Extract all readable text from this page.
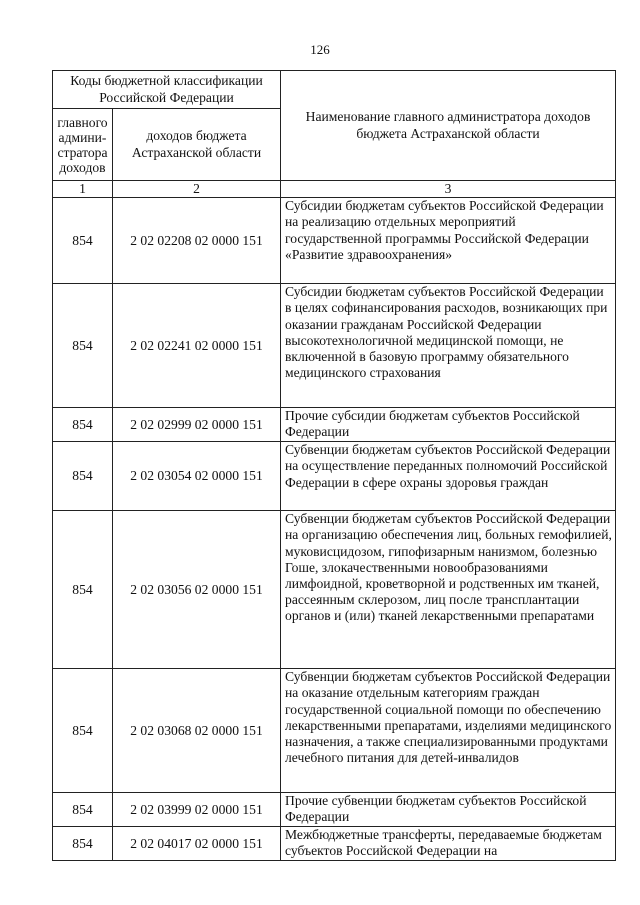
126
Коды бюджетной классификации Российской Федерации		Наименование главного администратора доходов бюджета Астраханской области
главного админи-стратора доходов	доходов бюджета Астраханской области	
1	2	3
854	2 02 02208 02 0000 151	Субсидии бюджетам субъектов Российской Федерации на реализацию отдельных мероприятий государственной программы Российской Федерации «Развитие здравоохранения»
854	2 02 02241 02 0000 151	Субсидии бюджетам субъектов Российской Федерации в целях софинансирования расходов, возникающих при оказании гражданам Российской Федерации высокотехнологичной медицинской помощи, не включенной в базовую программу обязательного медицинского страхования
854	2 02 02999 02 0000 151	Прочие субсидии бюджетам субъектов Российской Федерации
854	2 02 03054 02 0000 151	Субвенции бюджетам субъектов Российской Федерации на осуществление переданных полномочий Российской Федерации в сфере охраны здоровья граждан
854	2 02 03056 02 0000 151	Субвенции бюджетам субъектов Российской Федерации на организацию обеспечения лиц, больных гемофилией, муковисцидозом, гипофизарным нанизмом, болезнью Гоше, злокачественными новообразованиями лимфоидной, кроветворной и родственных им тканей, рассеянным склерозом, лиц после трансплантации органов и (или) тканей лекарственными препаратами
854	2 02 03068 02 0000 151	Субвенции бюджетам субъектов Российской Федерации на оказание отдельным категориям граждан государственной социальной помощи по обеспечению лекарственными препаратами, изделиями медицинского назначения, а также специализированными продуктами лечебного питания для детей-инвалидов
854	2 02 03999 02 0000 151	Прочие субвенции бюджетам субъектов Российской Федерации
854	2 02 04017 02 0000 151	Межбюджетные трансферты, передаваемые бюджетам субъектов Российской Федерации на
